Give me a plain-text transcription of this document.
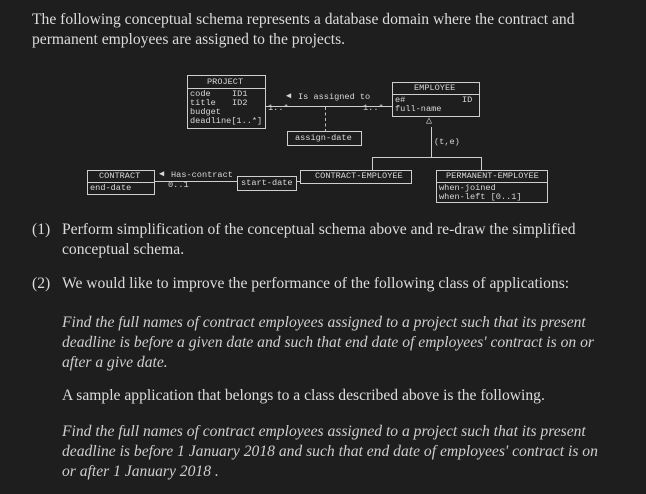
The following conceptual schema represents a database domain where the contract and
permanent employees are assigned to the projects.
PROJECT
code ID1
title ID2
budget
deadline[1..*]
EMPLOYEE
e#	ID
full-name
◀ Is assigned to
1..*	1..*
assign-date
△
(t,e)
CONTRACT
end-date
◀ Has-contract
0..1	start-date
CONTRACT-EMPLOYEE	PERMANENT-EMPLOYEE
when-joined
when-left [0..1]
(1) Perform simplification of the conceptual schema above and re-draw the simplified
conceptual schema.
(2) We would like to improve the performance of the following class of applications:
Find the full names of contract employees assigned to a project such that its present
deadline is before a given date and such that end date of employees' contract is on or
after a give date.
A sample application that belongs to a class described above is the following.
Find the full names of contract employees assigned to a project such that its present
deadline is before 1 January 2018 and such that end date of employees' contract is on
or after 1 January 2018 .
